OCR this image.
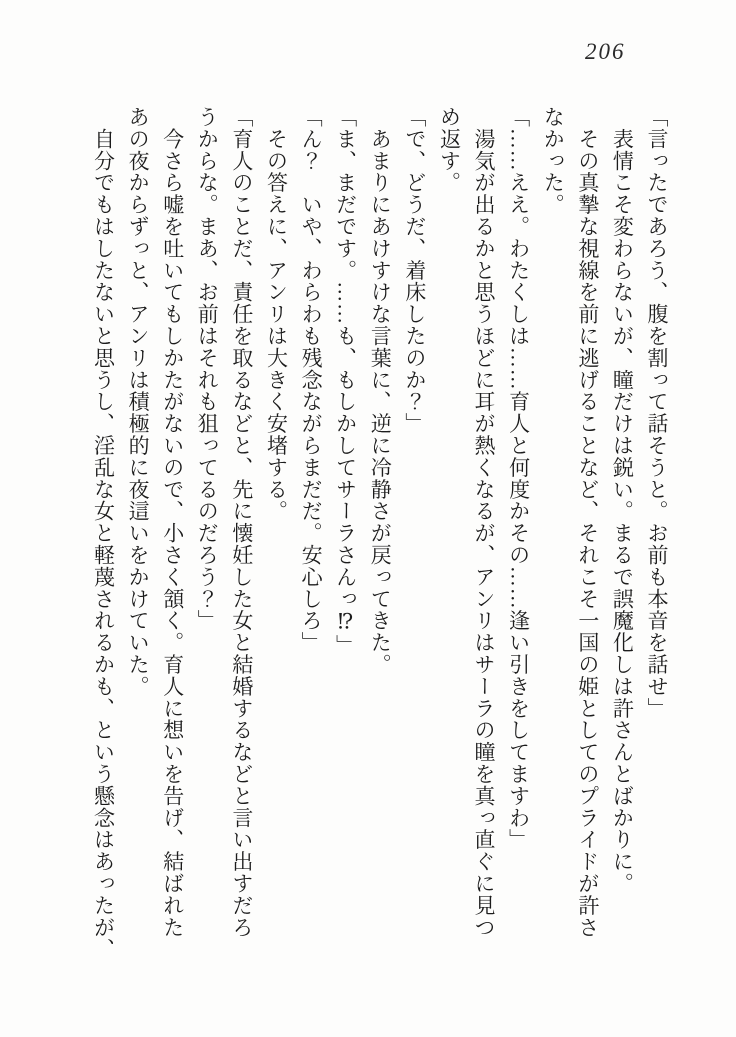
206

「言ったであろう、腹を割って話そうと。お前も本音を話せ」

　表情こそ変わらないが、瞳だけは鋭い。まるで誤魔化しは許さんとばかりに。

　その真摯な視線を前に逃げることなど、それこそ一国の姫としてのプライドが許さ

なかった。

「……ええ。わたくしは……育人と何度かその……逢い引きをしてますわ」

　湯気が出るかと思うほどに耳が熱くなるが、アンリはサーラの瞳を真っ直ぐに見つ

め返す。

「で、どうだ、着床したのか？」

　あまりにあけすけな言葉に、逆に冷静さが戻ってきた。

「ま、まだです。……も、もしかしてサーラさんっ⁉」

「ん？　いや、わらわも残念ながらまだだ。安心しろ」

　その答えに、アンリは大きく安堵する。

「育人のことだ、責任を取るなどと、先に懐妊した女と結婚するなどと言い出すだろ

うからな。まあ、お前はそれも狙ってるのだろう？」

　今さら嘘を吐いてもしかたがないので、小さく頷く。育人に想いを告げ、結ばれた

あの夜からずっと、アンリは積極的に夜這いをかけていた。

　自分でもはしたないと思うし、淫乱な女と軽蔑されるかも、という懸念はあったが、
